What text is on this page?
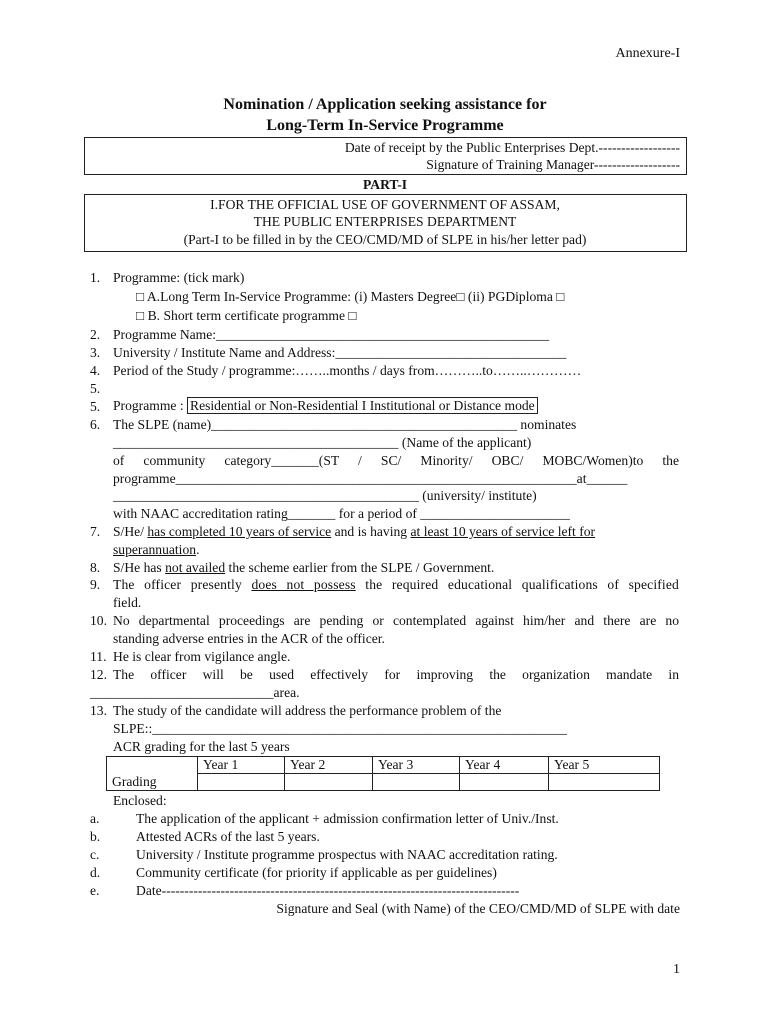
Annexure-I
Nomination / Application seeking assistance for
Long-Term In-Service Programme
Date of receipt by the Public Enterprises Dept.------------------
Signature of Training Manager-------------------
PART-I
I.FOR THE OFFICIAL USE OF GOVERNMENT OF ASSAM,
THE PUBLIC ENTERPRISES DEPARTMENT
(Part-I to be filled in by the CEO/CMD/MD of SLPE in his/her letter pad)
1. Programme: (tick mark)
□ A.Long Term In-Service Programme: (i) Masters Degree□ (ii) PGDiploma □
□ B. Short term certificate programme □
2. Programme Name:_________________________________________________
3. University / Institute Name and Address:__________________________________
4. Period of the Study / programme:……..months / days from………..to……..…………
5.
5. Programme : Residential or Non-Residential I Institutional or Distance mode
6. The SLPE (name)_____________________________________________ nominates
__________________________________________ (Name of the applicant)
of community category_______(ST / SC/ Minority/ OBC/ MOBC/Women)to the
programme___________________________________________________________at______
_____________________________________________ (university/ institute)
with NAAC accreditation rating_______ for a period of ______________________
7. S/He/ has completed 10 years of service and is having at least 10 years of service left for
superannuation.
8. S/He has not availed the scheme earlier from the SLPE / Government.
9. The officer presently does not possess the required educational qualifications of specified
field.
10. No departmental proceedings are pending or contemplated against him/her and there are no
standing adverse entries in the ACR of the officer.
11. He is clear from vigilance angle.
12. The officer will be used effectively for improving the organization mandate in
___________________________area.
13. The study of the candidate will address the performance problem of the
SLPE::_____________________________________________________________
ACR grading for the last 5 years
	Year 1	Year 2	Year 3	Year 4	Year 5
Grading					
Enclosed:
a.	The application of the applicant + admission confirmation letter of Univ./Inst.
b.	Attested ACRs of the last 5 years.
c.	University / Institute programme prospectus with NAAC accreditation rating.
d.	Community certificate (for priority if applicable as per guidelines)
e.	Date-------------------------------------------------------------------------------
Signature and Seal (with Name) of the CEO/CMD/MD of SLPE with date
1
